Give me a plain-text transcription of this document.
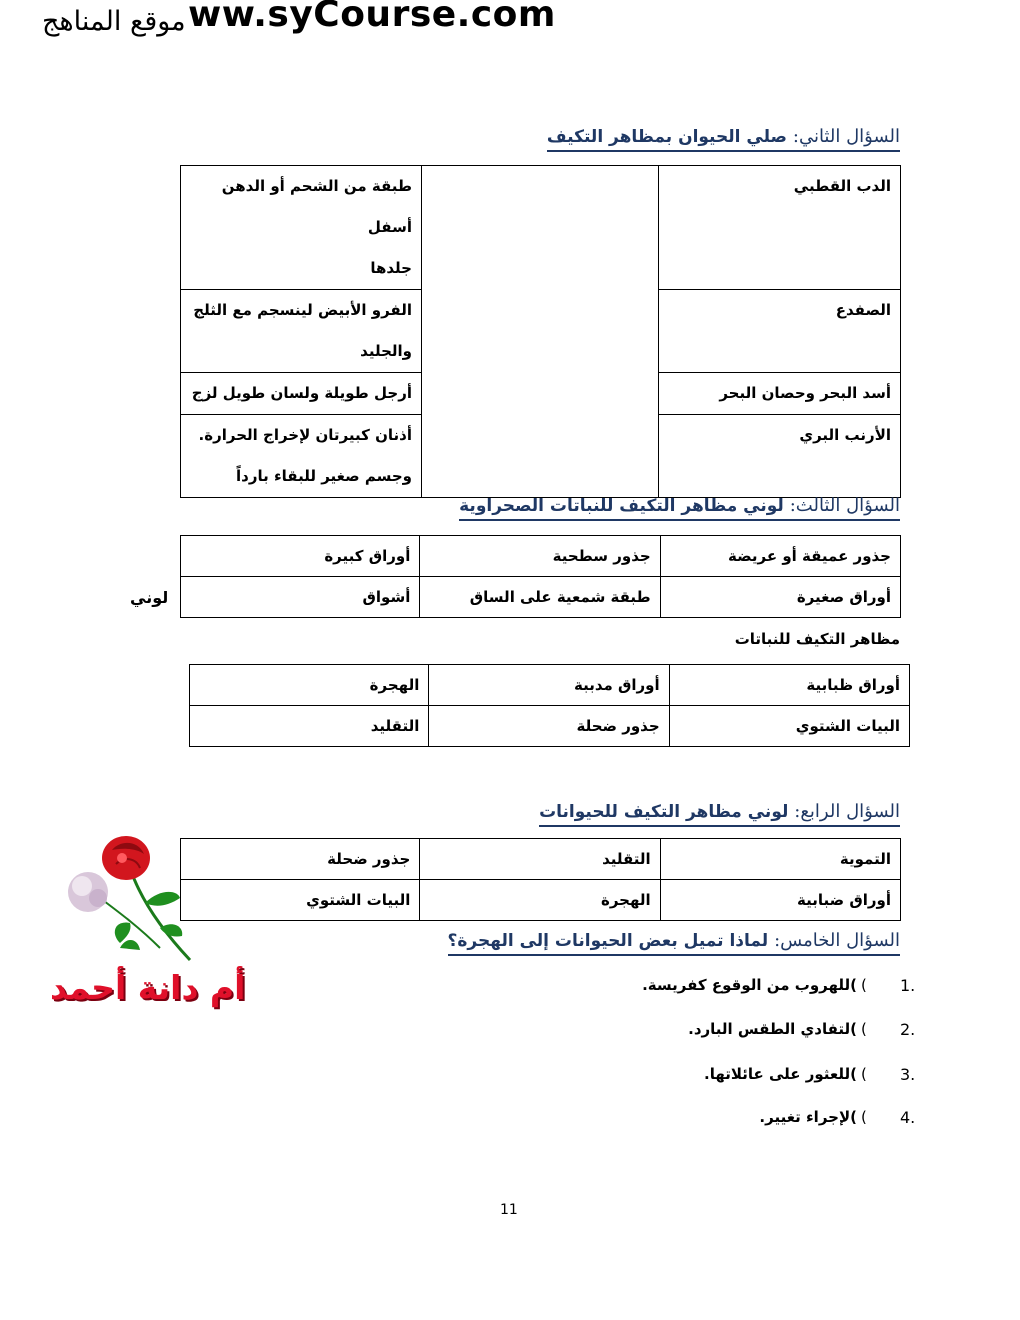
ww.syCourse.com
موقع المناهج
السؤال الثاني: صلي الحيوان بمظاهر التكيف
الدب القطبي		طبقة من الشحم أو الدهن أسفل
جلدها
الصفدع		الفرو الأبيض لينسجم مع الثلج
والجليد
أسد البحر وحصان البحر		أرجل طويلة ولسان طويل لزج
الأرنب البري		أذنان كبيرتان لإخراج الحرارة.
وجسم صغير للبقاء بارداً
السؤال الثالث: لوني مظاهر التكيف للنباتات الصحراوية
جذور عميقة أو عريضة	جذور سطحية	أوراق كبيرة
أوراق صغيرة	طبقة شمعية على الساق	أشواق
لوني
مظاهر التكيف للنباتات
أوراق ظبابية	أوراق مدببة	الهجرة
البيات الشتوي	جذور ضحلة	التقليد
السؤال الرابع: لوني مظاهر التكيف للحيوانات
التموية	التقليد	جذور ضحلة
أوراق ضبابية	الهجرة	البيات الشتوي
أم دانة أحمد
السؤال الخامس: لماذا تميل بعض الحيوانات إلى الهجرة؟
1.
(
)للهروب من الوقوع كفريسة.
2.
(
)لتفادي الطقس البارد.
3.
(
)للعثور على عائلاتها.
4.
(
)لإجراء تغيير.
11
